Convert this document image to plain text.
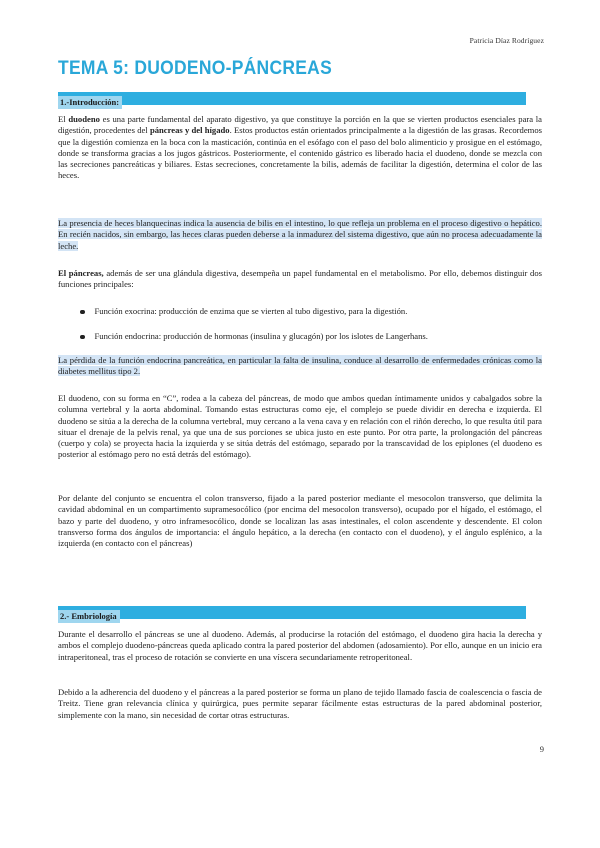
Patricia Díaz Rodríguez
TEMA 5: DUODENO-PÁNCREAS
1.-Introducción:
El duodeno es una parte fundamental del aparato digestivo, ya que constituye la porción en la que se vierten productos esenciales para la digestión, procedentes del páncreas y del hígado. Estos productos están orientados principalmente a la digestión de las grasas. Recordemos que la digestión comienza en la boca con la masticación, continúa en el esófago con el paso del bolo alimenticio y prosigue en el estómago, donde se transforma gracias a los jugos gástricos. Posteriormente, el contenido gástrico es liberado hacia el duodeno, donde se mezcla con las secreciones pancreáticas y biliares. Estas secreciones, concretamente la bilis, además de facilitar la digestión, determina el color de las heces.
La presencia de heces blanquecinas indica la ausencia de bilis en el intestino, lo que refleja un problema en el proceso digestivo o hepático. En recién nacidos, sin embargo, las heces claras pueden deberse a la inmadurez del sistema digestivo, que aún no procesa adecuadamente la leche.
El páncreas, además de ser una glándula digestiva, desempeña un papel fundamental en el metabolismo. Por ello, debemos distinguir dos funciones principales:
Función exocrina: producción de enzima que se vierten al tubo digestivo, para la digestión.
Función endocrina: producción de hormonas (insulina y glucagón) por los islotes de Langerhans.
La pérdida de la función endocrina pancreática, en particular la falta de insulina, conduce al desarrollo de enfermedades crónicas como la diabetes mellitus tipo 2.
El duodeno, con su forma en “C”, rodea a la cabeza del páncreas, de modo que ambos quedan íntimamente unidos y cabalgados sobre la columna vertebral y la aorta abdominal. Tomando estas estructuras como eje, el complejo se puede dividir en derecha e izquierda. El duodeno se sitúa a la derecha de la columna vertebral, muy cercano a la vena cava y en relación con el riñón derecho, lo que resulta útil para situar el drenaje de la pelvis renal, ya que una de sus porciones se ubica justo en este punto. Por otra parte, la prolongación del páncreas (cuerpo y cola) se proyecta hacia la izquierda y se sitúa detrás del estómago, separado por la transcavidad de los epiplones (el duodeno es posterior al estómago pero no está detrás del estómago).
Por delante del conjunto se encuentra el colon transverso, fijado a la pared posterior mediante el mesocolon transverso, que delimita la cavidad abdominal en un compartimento supramesocólico (por encima del mesocolon transverso), ocupado por el hígado, el estómago, el bazo y parte del duodeno, y otro inframesocólico, donde se localizan las asas intestinales, el colon ascendente y descendente. El colon transverso forma dos ángulos de importancia: el ángulo hepático, a la derecha (en contacto con el duodeno), y el ángulo esplénico, a la izquierda (en contacto con el páncreas)
2.- Embriología
Durante el desarrollo el páncreas se une al duodeno. Además, al producirse la rotación del estómago, el duodeno gira hacia la derecha y ambos el complejo duodeno-páncreas queda aplicado contra la pared posterior del abdomen (adosamiento). Por ello, aunque en un inicio era intraperitoneal, tras el proceso de rotación se convierte en una víscera secundariamente retroperitoneal.
Debido a la adherencia del duodeno y el páncreas a la pared posterior se forma un plano de tejido llamado fascia de coalescencia o fascia de Treitz. Tiene gran relevancia clínica y quirúrgica, pues permite separar fácilmente estas estructuras de la pared abdominal posterior, simplemente con la mano, sin necesidad de cortar otras estructuras.
9
